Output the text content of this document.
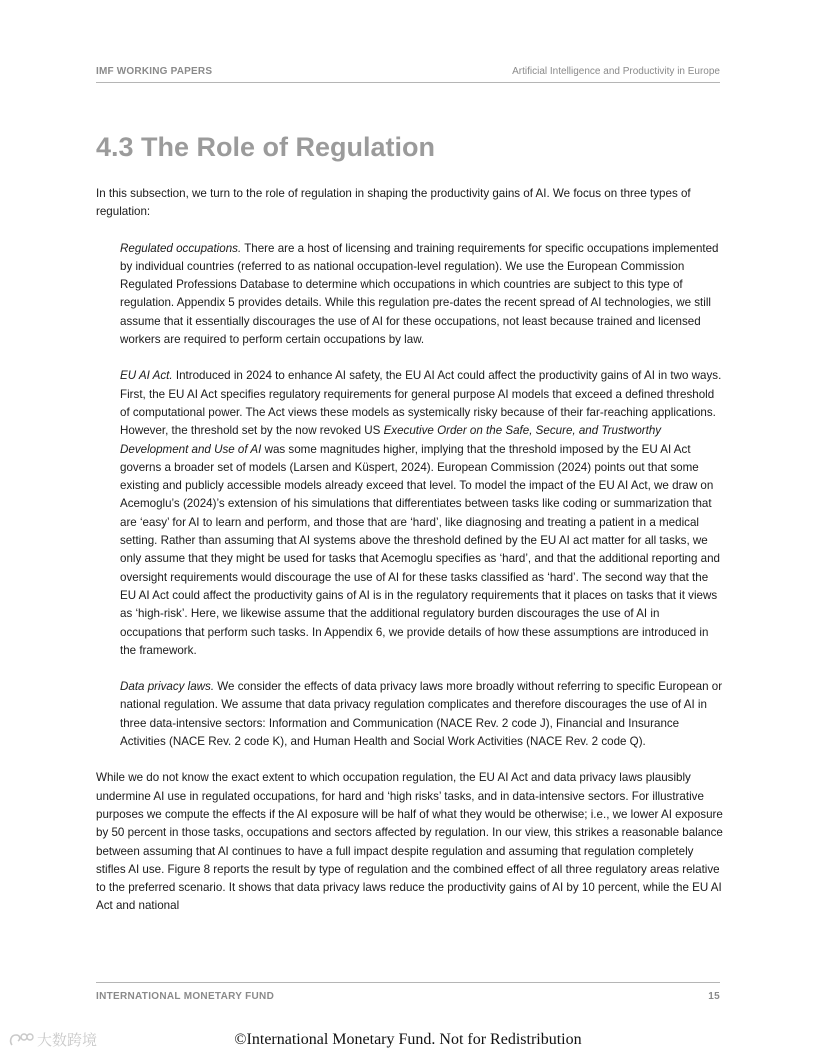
IMF WORKING PAPERS	Artificial Intelligence and Productivity in Europe
4.3 The Role of Regulation

In this subsection, we turn to the role of regulation in shaping the productivity gains of AI. We focus on three types of regulation:

Regulated occupations. There are a host of licensing and training requirements for specific occupations implemented by individual countries (referred to as national occupation-level regulation). We use the European Commission Regulated Professions Database to determine which occupations in which countries are subject to this type of regulation. Appendix 5 provides details. While this regulation pre-dates the recent spread of AI technologies, we still assume that it essentially discourages the use of AI for these occupations, not least because trained and licensed workers are required to perform certain occupations by law.

EU AI Act. Introduced in 2024 to enhance AI safety, the EU AI Act could affect the productivity gains of AI in two ways. First, the EU AI Act specifies regulatory requirements for general purpose AI models that exceed a defined threshold of computational power. The Act views these models as systemically risky because of their far-reaching applications. However, the threshold set by the now revoked US Executive Order on the Safe, Secure, and Trustworthy Development and Use of AI was some magnitudes higher, implying that the threshold imposed by the EU AI Act governs a broader set of models (Larsen and Küspert, 2024). European Commission (2024) points out that some existing and publicly accessible models already exceed that level. To model the impact of the EU AI Act, we draw on Acemoglu’s (2024)’s extension of his simulations that differentiates between tasks like coding or summarization that are ‘easy’ for AI to learn and perform, and those that are ‘hard’, like diagnosing and treating a patient in a medical setting. Rather than assuming that AI systems above the threshold defined by the EU AI act matter for all tasks, we only assume that they might be used for tasks that Acemoglu specifies as ‘hard’, and that the additional reporting and oversight requirements would discourage the use of AI for these tasks classified as ‘hard’. The second way that the EU AI Act could affect the productivity gains of AI is in the regulatory requirements that it places on tasks that it views as ‘high-risk’. Here, we likewise assume that the additional regulatory burden discourages the use of AI in occupations that perform such tasks. In Appendix 6, we provide details of how these assumptions are introduced in the framework.

Data privacy laws. We consider the effects of data privacy laws more broadly without referring to specific European or national regulation. We assume that data privacy regulation complicates and therefore discourages the use of AI in three data-intensive sectors: Information and Communication (NACE Rev. 2 code J), Financial and Insurance Activities (NACE Rev. 2 code K), and Human Health and Social Work Activities (NACE Rev. 2 code Q).

While we do not know the exact extent to which occupation regulation, the EU AI Act and data privacy laws plausibly undermine AI use in regulated occupations, for hard and ‘high risks’ tasks, and in data-intensive sectors. For illustrative purposes we compute the effects if the AI exposure will be half of what they would be otherwise; i.e., we lower AI exposure by 50 percent in those tasks, occupations and sectors affected by regulation. In our view, this strikes a reasonable balance between assuming that AI continues to have a full impact despite regulation and assuming that regulation completely stifles AI use. Figure 8 reports the result by type of regulation and the combined effect of all three regulatory areas relative to the preferred scenario. It shows that data privacy laws reduce the productivity gains of AI by 10 percent, while the EU AI Act and national

INTERNATIONAL MONETARY FUND	15
大数跨境	©International Monetary Fund. Not for Redistribution
